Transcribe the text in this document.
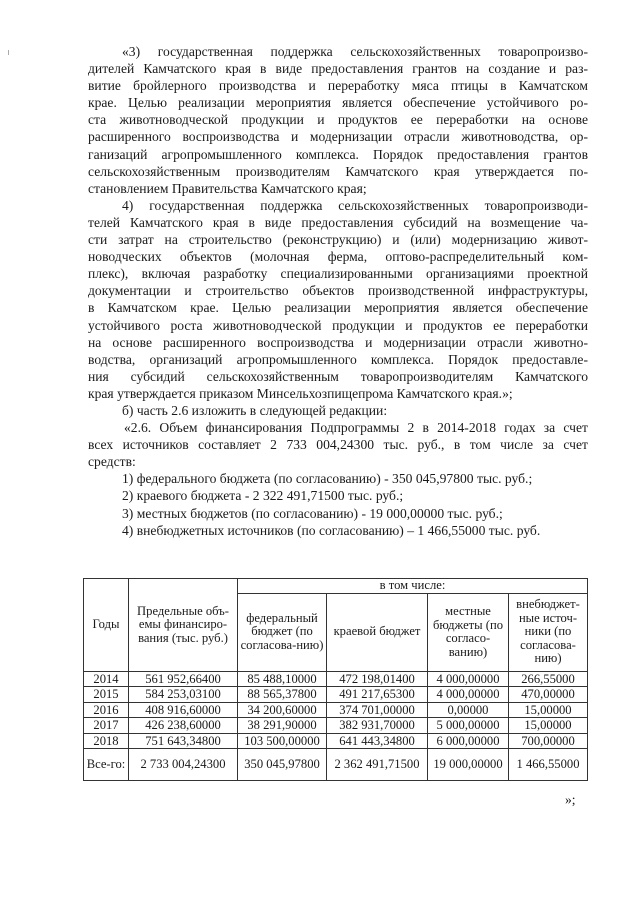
«3) государственная поддержка сельскохозяйственных товаропроизво-
дителей Камчатского края в виде предоставления грантов на создание и раз-
витие бройлерного производства и переработку мяса птицы в Камчатском
крае. Целью реализации мероприятия является обеспечение устойчивого ро-
ста животноводческой продукции и продуктов ее переработки на основе
расширенного воспроизводства и модернизации отрасли животноводства, ор-
ганизаций агропромышленного комплекса. Порядок предоставления грантов
сельскохозяйственным производителям Камчатского края утверждается по-
становлением Правительства Камчатского края;
4) государственная поддержка сельскохозяйственных товаропроизводи-
телей Камчатского края в виде предоставления субсидий на возмещение ча-
сти затрат на строительство (реконструкцию) и (или) модернизацию живот-
новодческих объектов (молочная ферма, оптово-распределительный ком-
плекс), включая разработку специализированными организациями проектной
документации и строительство объектов производственной инфраструктуры,
в Камчатском крае. Целью реализации мероприятия является обеспечение
устойчивого роста животноводческой продукции и продуктов ее переработки
на основе расширенного воспроизводства и модернизации отрасли животно-
водства, организаций агропромышленного комплекса. Порядок предоставле-
ния субсидий сельскохозяйственным товаропроизводителям Камчатского
края утверждается приказом Минсельхозпищепрома Камчатского края.»;
б) часть 2.6 изложить в следующей редакции:
«2.6. Объем финансирования Подпрограммы 2 в 2014-2018 годах за счет
всех источников составляет 2 733 004,24300 тыс. руб., в том числе за счет
средств:
1) федерального бюджета (по согласованию) - 350 045,97800 тыс. руб.;
2) краевого бюджета - 2 322 491,71500 тыс. руб.;
3) местных бюджетов (по согласованию) - 19 000,00000 тыс. руб.;
4) внебюджетных источников (по согласованию) – 1 466,55000 тыс. руб.
Годы	Предельные объ-емы финансиро-вания (тыс. руб.)	в том числе:			
		федеральный бюджет (по согласова-нию)	краевой бюджет	местные бюджеты (по согласо-ванию)	внебюджет-ные источ-ники (по согласова-нию)
2014	561 952,66400	85 488,10000	472 198,01400	4 000,00000	266,55000
2015	584 253,03100	88 565,37800	491 217,65300	4 000,00000	470,00000
2016	408 916,60000	34 200,60000	374 701,00000	0,00000	15,00000
2017	426 238,60000	38 291,90000	382 931,70000	5 000,00000	15,00000
2018	751 643,34800	103 500,00000	641 443,34800	6 000,00000	700,00000
Все-го:	2 733 004,24300	350 045,97800	2 362 491,71500	19 000,00000	1 466,55000
»;
